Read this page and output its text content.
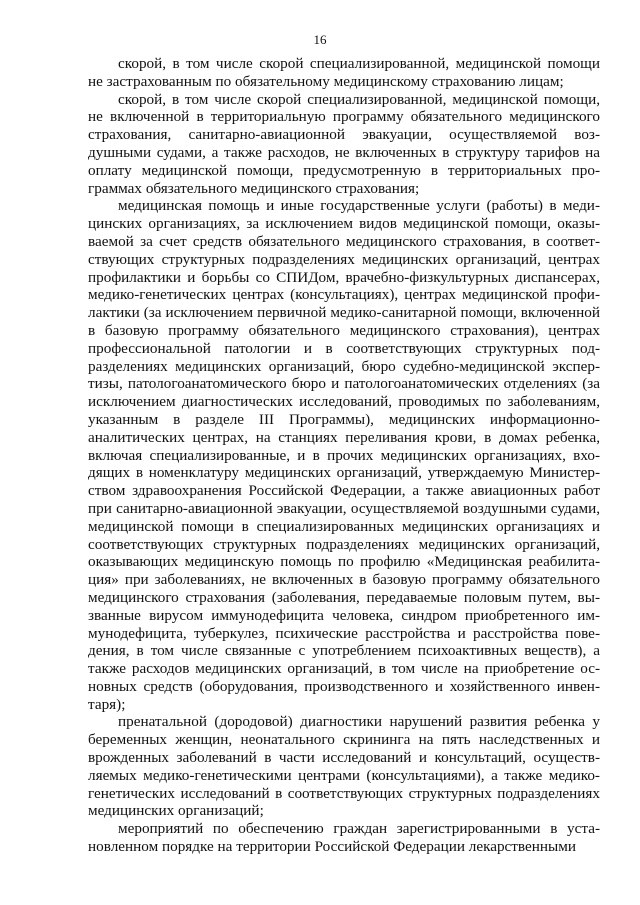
16

скорой, в том числе скорой специализированной, медицинской помощи не застрахованным по обязательному медицинскому страхованию лицам;

скорой, в том числе скорой специализированной, медицинской помощи, не включенной в территориальную программу обязательного медицинского страхования, санитарно-авиационной эвакуации, осуществляемой воздушными судами, а также расходов, не включенных в структуру тарифов на оплату медицинской помощи, предусмотренную в территориальных программах обязательного медицинского страхования;

медицинская помощь и иные государственные услуги (работы) в медицинских организациях, за исключением видов медицинской помощи, оказываемой за счет средств обязательного медицинского страхования, в соответствующих структурных подразделениях медицинских организаций, центрах профилактики и борьбы со СПИДом, врачебно-физкультурных диспансерах, медико-генетических центрах (консультациях), центрах медицинской профилактики (за исключением первичной медико-санитарной помощи, включенной в базовую программу обязательного медицинского страхования), центрах профессиональной патологии и в соответствующих структурных подразделениях медицинских организаций, бюро судебно-медицинской экспертизы, патологоанатомического бюро и патологоанатомических отделениях (за исключением диагностических исследований, проводимых по заболеваниям, указанным в разделе III Программы), медицинских информационно-аналитических центрах, на станциях переливания крови, в домах ребенка, включая специализированные, и в прочих медицинских организациях, входящих в номенклатуру медицинских организаций, утверждаемую Министерством здравоохранения Российской Федерации, а также авиационных работ при санитарно-авиационной эвакуации, осуществляемой воздушными судами, медицинской помощи в специализированных медицинских организациях и соответствующих структурных подразделениях медицинских организаций, оказывающих медицинскую помощь по профилю «Медицинская реабилитация» при заболеваниях, не включенных в базовую программу обязательного медицинского страхования (заболевания, передаваемые половым путем, вызванные вирусом иммунодефицита человека, синдром приобретенного иммунодефицита, туберкулез, психические расстройства и расстройства поведения, в том числе связанные с употреблением психоактивных веществ), а также расходов медицинских организаций, в том числе на приобретение основных средств (оборудования, производственного и хозяйственного инвентаря);

пренатальной (дородовой) диагностики нарушений развития ребенка у беременных женщин, неонатального скрининга на пять наследственных и врожденных заболеваний в части исследований и консультаций, осуществляемых медико-генетическими центрами (консультациями), а также медико-генетических исследований в соответствующих структурных подразделениях медицинских организаций;

мероприятий по обеспечению граждан зарегистрированными в установленном порядке на территории Российской Федерации лекарственными
